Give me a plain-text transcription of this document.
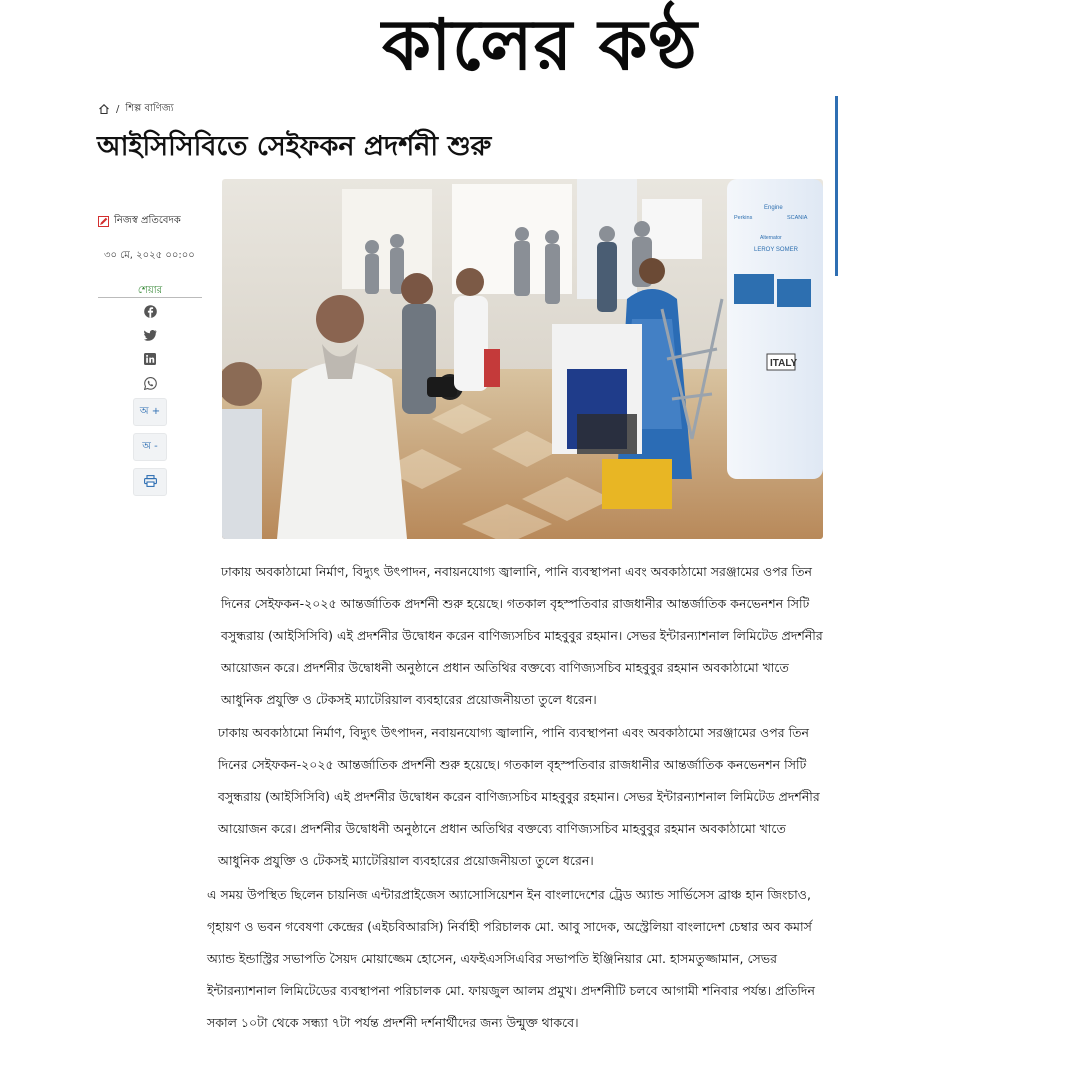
কালের কণ্ঠ
/ শিল্প বাণিজ্য
আইসিসিবিতে সেইফকন প্রদর্শনী শুরু
নিজস্ব প্রতিবেদক
৩০ মে, ২০২৫ ০০:০০
শেয়ার
অ +
অ -
ITALY
Engine
Perkins	SCANIA
Alternator
LEROY SOMER

ঢাকায় অবকাঠামো নির্মাণ, বিদ্যুৎ উৎপাদন, নবায়নযোগ্য জ্বালানি, পানি ব্যবস্থাপনা এবং অবকাঠামো সরঞ্জামের ওপর তিন দিনের সেইফকন-২০২৫ আন্তর্জাতিক প্রদর্শনী শুরু হয়েছে। গতকাল বৃহস্পতিবার রাজধানীর আন্তর্জাতিক কনভেনশন সিটি বসুন্ধরায় (আইসিসিবি) এই প্রদর্শনীর উদ্বোধন করেন বাণিজ্যসচিব মাহবুবুর রহমান। সেভর ইন্টারন্যাশনাল লিমিটেড প্রদর্শনীর আয়োজন করে। প্রদর্শনীর উদ্বোধনী অনুষ্ঠানে প্রধান অতিথির বক্তব্যে বাণিজ্যসচিব মাহবুবুর রহমান অবকাঠামো খাতে আধুনিক প্রযুক্তি ও টেকসই ম্যাটেরিয়াল ব্যবহারের প্রয়োজনীয়তা তুলে ধরেন।

ঢাকায় অবকাঠামো নির্মাণ, বিদ্যুৎ উৎপাদন, নবায়নযোগ্য জ্বালানি, পানি ব্যবস্থাপনা এবং অবকাঠামো সরঞ্জামের ওপর তিন দিনের সেইফকন-২০২৫ আন্তর্জাতিক প্রদর্শনী শুরু হয়েছে। গতকাল বৃহস্পতিবার রাজধানীর আন্তর্জাতিক কনভেনশন সিটি বসুন্ধরায় (আইসিসিবি) এই প্রদর্শনীর উদ্বোধন করেন বাণিজ্যসচিব মাহবুবুর রহমান। সেভর ইন্টারন্যাশনাল লিমিটেড প্রদর্শনীর আয়োজন করে। প্রদর্শনীর উদ্বোধনী অনুষ্ঠানে প্রধান অতিথির বক্তব্যে বাণিজ্যসচিব মাহবুবুর রহমান অবকাঠামো খাতে আধুনিক প্রযুক্তি ও টেকসই ম্যাটেরিয়াল ব্যবহারের প্রয়োজনীয়তা তুলে ধরেন।

এ সময় উপস্থিত ছিলেন চায়নিজ এন্টারপ্রাইজেস অ্যাসোসিয়েশন ইন বাংলাদেশের ট্রেড অ্যান্ড সার্ভিসেস ব্রাঞ্চ হান জিংচাও, গৃহায়ণ ও ভবন গবেষণা কেন্দ্রের (এইচবিআরসি) নির্বাহী পরিচালক মো. আবু সাদেক, অস্ট্রেলিয়া বাংলাদেশ চেম্বার অব কমার্স অ্যান্ড ইন্ডাস্ট্রির সভাপতি সৈয়দ মোয়াজ্জেম হোসেন, এফইএসসিএবির সভাপতি ইঞ্জিনিয়ার মো. হাসমতুজ্জামান, সেভর ইন্টারন্যাশনাল লিমিটেডের ব্যবস্থাপনা পরিচালক মো. ফায়জুল আলম প্রমুখ। প্রদর্শনীটি চলবে আগামী শনিবার পর্যন্ত। প্রতিদিন সকাল ১০টা থেকে সন্ধ্যা ৭টা পর্যন্ত প্রদর্শনী দর্শনার্থীদের জন্য উন্মুক্ত থাকবে।
